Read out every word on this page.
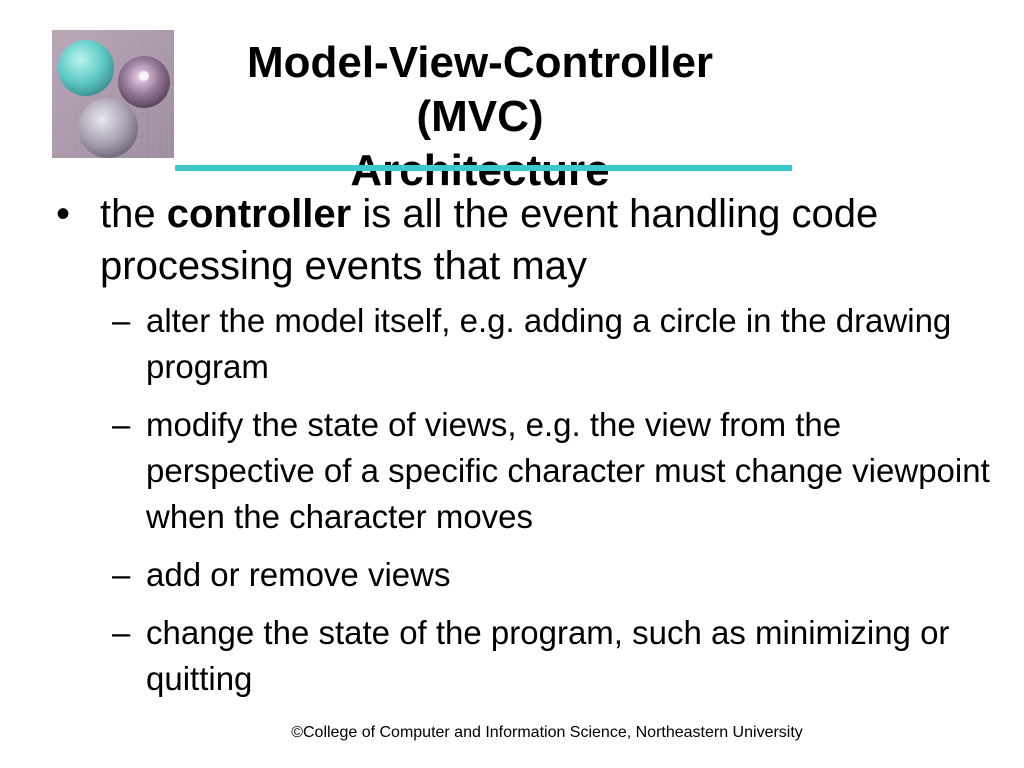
Model-View-Controller (MVC)

• the controller is all the event handling code processing events that may

– alter the model itself, e.g. adding a circle in the drawing program

– modify the state of views, e.g. the view from the perspective of a specific character must change viewpoint when the character moves

– add or remove views

– change the state of the program, such as minimizing or quitting

©College of Computer and Information Science, Northeastern University
